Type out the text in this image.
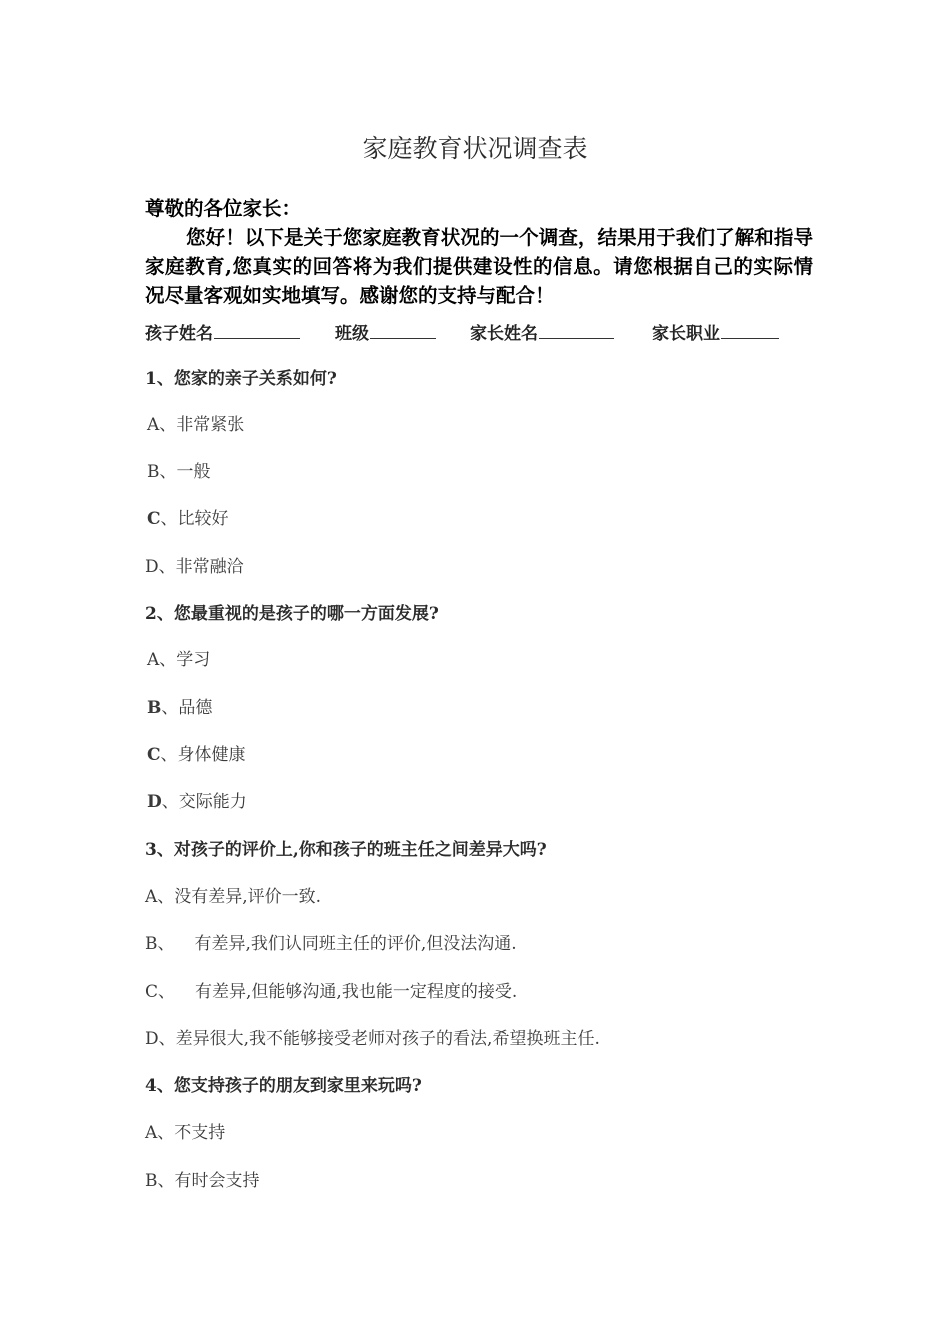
家庭教育状况调查表
尊敬的各位家长：
您好！以下是关于您家庭教育状况的一个调查，结果用于我们了解和指导家庭教育,您真实的回答将为我们提供建设性的信息。请您根据自己的实际情况尽量客观如实地填写。感谢您的支持与配合！
孩子姓名	班级	家长姓名	家长职业
1、您家的亲子关系如何?
A、非常紧张
B、一般
C、比较好
D、非常融洽
2、您最重视的是孩子的哪一方面发展?
A、学习
B、品德
C、身体健康
D、交际能力
3、对孩子的评价上,你和孩子的班主任之间差异大吗?
A、没有差异,评价一致.
B、 有差异,我们认同班主任的评价,但没法沟通.
C、 有差异,但能够沟通,我也能一定程度的接受.
D、差异很大,我不能够接受老师对孩子的看法,希望换班主任.
4、您支持孩子的朋友到家里来玩吗?
A、不支持
B、有时会支持
